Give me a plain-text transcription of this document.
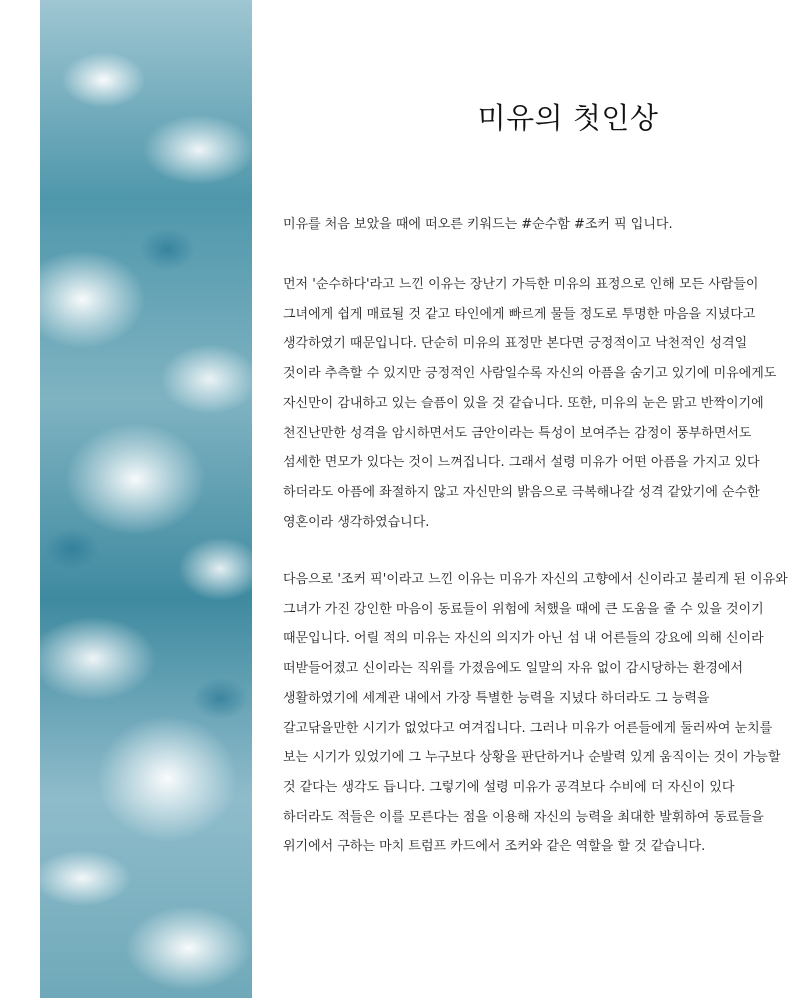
미유의 첫인상

미유를 처음 보았을 때에 떠오른 키워드는 #순수함 #조커 픽 입니다.

먼저 '순수하다'라고 느낀 이유는 장난기 가득한 미유의 표정으로 인해 모든 사람들이 그녀에게 쉽게 매료될 것 같고 타인에게 빠르게 물들 정도로 투명한 마음을 지녔다고 생각하였기 때문입니다. 단순히 미유의 표정만 본다면 긍정적이고 낙천적인 성격일 것이라 추측할 수 있지만 긍정적인 사람일수록 자신의 아픔을 숨기고 있기에 미유에게도 자신만이 감내하고 있는 슬픔이 있을 것 같습니다. 또한, 미유의 눈은 맑고 반짝이기에 천진난만한 성격을 암시하면서도 금안이라는 특성이 보여주는 감정이 풍부하면서도 섬세한 면모가 있다는 것이 느껴집니다. 그래서 설령 미유가 어떤 아픔을 가지고 있다 하더라도 아픔에 좌절하지 않고 자신만의 밝음으로 극복해나갈 성격 같았기에 순수한 영혼이라 생각하였습니다.

다음으로 '조커 픽'이라고 느낀 이유는 미유가 자신의 고향에서 신이라고 불리게 된 이유와 그녀가 가진 강인한 마음이 동료들이 위험에 처했을 때에 큰 도움을 줄 수 있을 것이기 때문입니다. 어릴 적의 미유는 자신의 의지가 아닌 섬 내 어른들의 강요에 의해 신이라 떠받들어졌고 신이라는 직위를 가졌음에도 일말의 자유 없이 감시당하는 환경에서 생활하였기에 세계관 내에서 가장 특별한 능력을 지녔다 하더라도 그 능력을 갈고닦을만한 시기가 없었다고 여겨집니다. 그러나 미유가 어른들에게 둘러싸여 눈치를 보는 시기가 있었기에 그 누구보다 상황을 판단하거나 순발력 있게 움직이는 것이 가능할 것 같다는 생각도 듭니다. 그렇기에 설령 미유가 공격보다 수비에 더 자신이 있다 하더라도 적들은 이를 모른다는 점을 이용해 자신의 능력을 최대한 발휘하여 동료들을 위기에서 구하는 마치 트럼프 카드에서 조커와 같은 역할을 할 것 같습니다.
